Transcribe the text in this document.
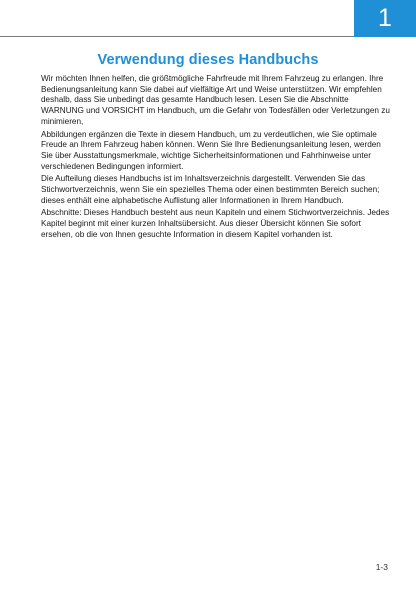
1
Verwendung dieses Handbuchs

Wir möchten Ihnen helfen, die größtmögliche Fahrfreude mit Ihrem Fahrzeug zu erlangen. Ihre Bedienungsanleitung kann Sie dabei auf vielfältige Art und Weise unterstützen. Wir empfehlen deshalb, dass Sie unbedingt das gesamte Handbuch lesen. Lesen Sie die Abschnitte WARNUNG und VORSICHT im Handbuch, um die Gefahr von Todesfällen oder Verletzungen zu minimieren,

Abbildungen ergänzen die Texte in diesem Handbuch, um zu verdeutlichen, wie Sie optimale Freude an Ihrem Fahrzeug haben können. Wenn Sie Ihre Bedienungsanleitung lesen, werden Sie über Ausstattungsmerkmale, wichtige Sicherheitsinformationen und Fahrhinweise unter verschiedenen Bedingungen informiert.

Die Aufteilung dieses Handbuchs ist im Inhaltsverzeichnis dargestellt. Verwenden Sie das Stichwortverzeichnis, wenn Sie ein spezielles Thema oder einen bestimmten Bereich suchen; dieses enthält eine alphabetische Auflistung aller Informationen in Ihrem Handbuch.

Abschnitte: Dieses Handbuch besteht aus neun Kapiteln und einem Stichwortverzeichnis. Jedes Kapitel beginnt mit einer kurzen Inhaltsübersicht. Aus dieser Übersicht können Sie sofort ersehen, ob die von Ihnen gesuchte Information in diesem Kapitel vorhanden ist.

1-3
